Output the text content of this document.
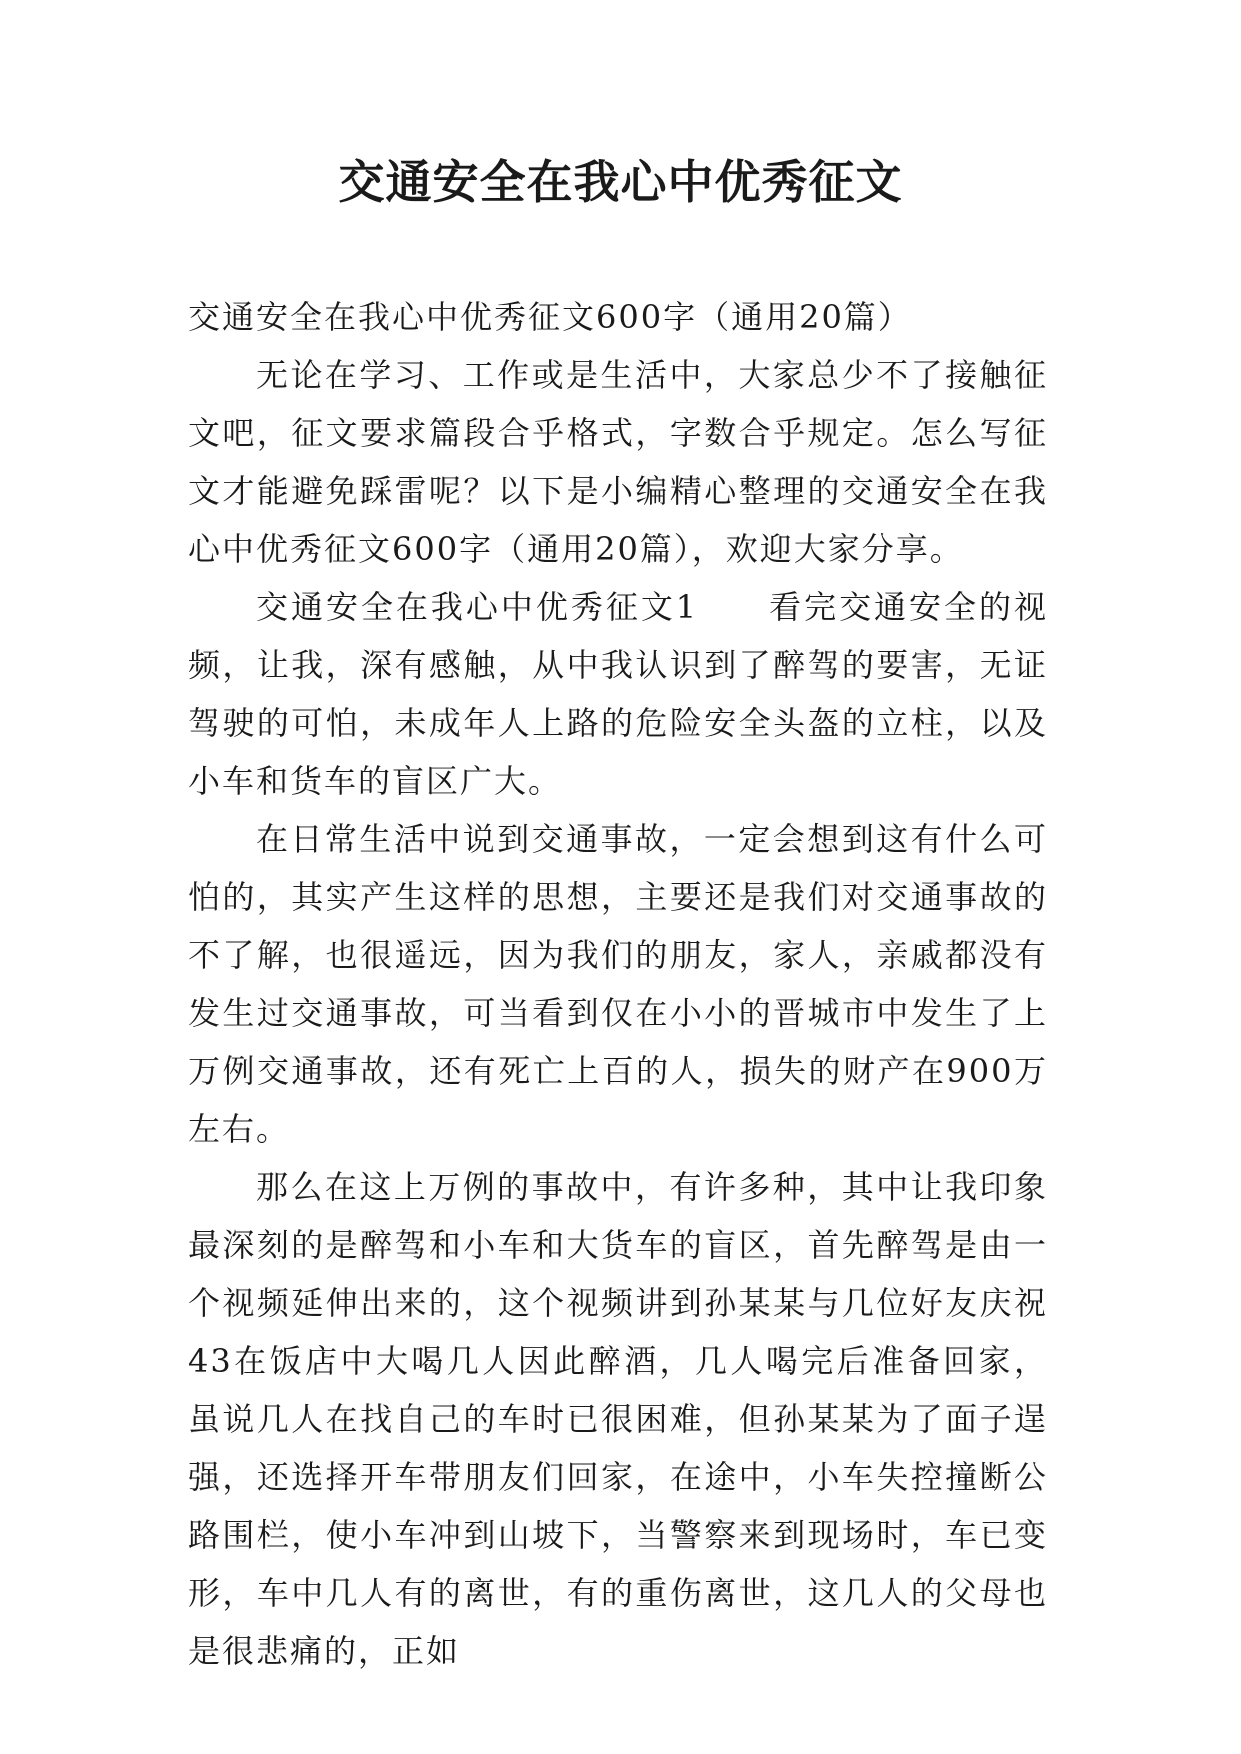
交通安全在我心中优秀征文

交通安全在我心中优秀征文600字（通用20篇）

无论在学习、工作或是生活中，大家总少不了接触征文吧，征文要求篇段合乎格式，字数合乎规定。怎么写征文才能避免踩雷呢？以下是小编精心整理的交通安全在我心中优秀征文600字（通用20篇），欢迎大家分享。

交通安全在我心中优秀征文1　　看完交通安全的视频，让我，深有感触，从中我认识到了醉驾的要害，无证驾驶的可怕，未成年人上路的危险安全头盔的立柱，以及小车和货车的盲区广大。

在日常生活中说到交通事故，一定会想到这有什么可怕的，其实产生这样的思想，主要还是我们对交通事故的不了解，也很遥远，因为我们的朋友，家人，亲戚都没有发生过交通事故，可当看到仅在小小的晋城市中发生了上万例交通事故，还有死亡上百的人，损失的财产在900万左右。

那么在这上万例的事故中，有许多种，其中让我印象最深刻的是醉驾和小车和大货车的盲区，首先醉驾是由一个视频延伸出来的，这个视频讲到孙某某与几位好友庆祝43在饭店中大喝几人因此醉酒，几人喝完后准备回家，虽说几人在找自己的车时已很困难，但孙某某为了面子逞强，还选择开车带朋友们回家，在途中，小车失控撞断公路围栏，使小车冲到山坡下，当警察来到现场时，车已变形，车中几人有的离世，有的重伤离世，这几人的父母也是很悲痛的，正如
